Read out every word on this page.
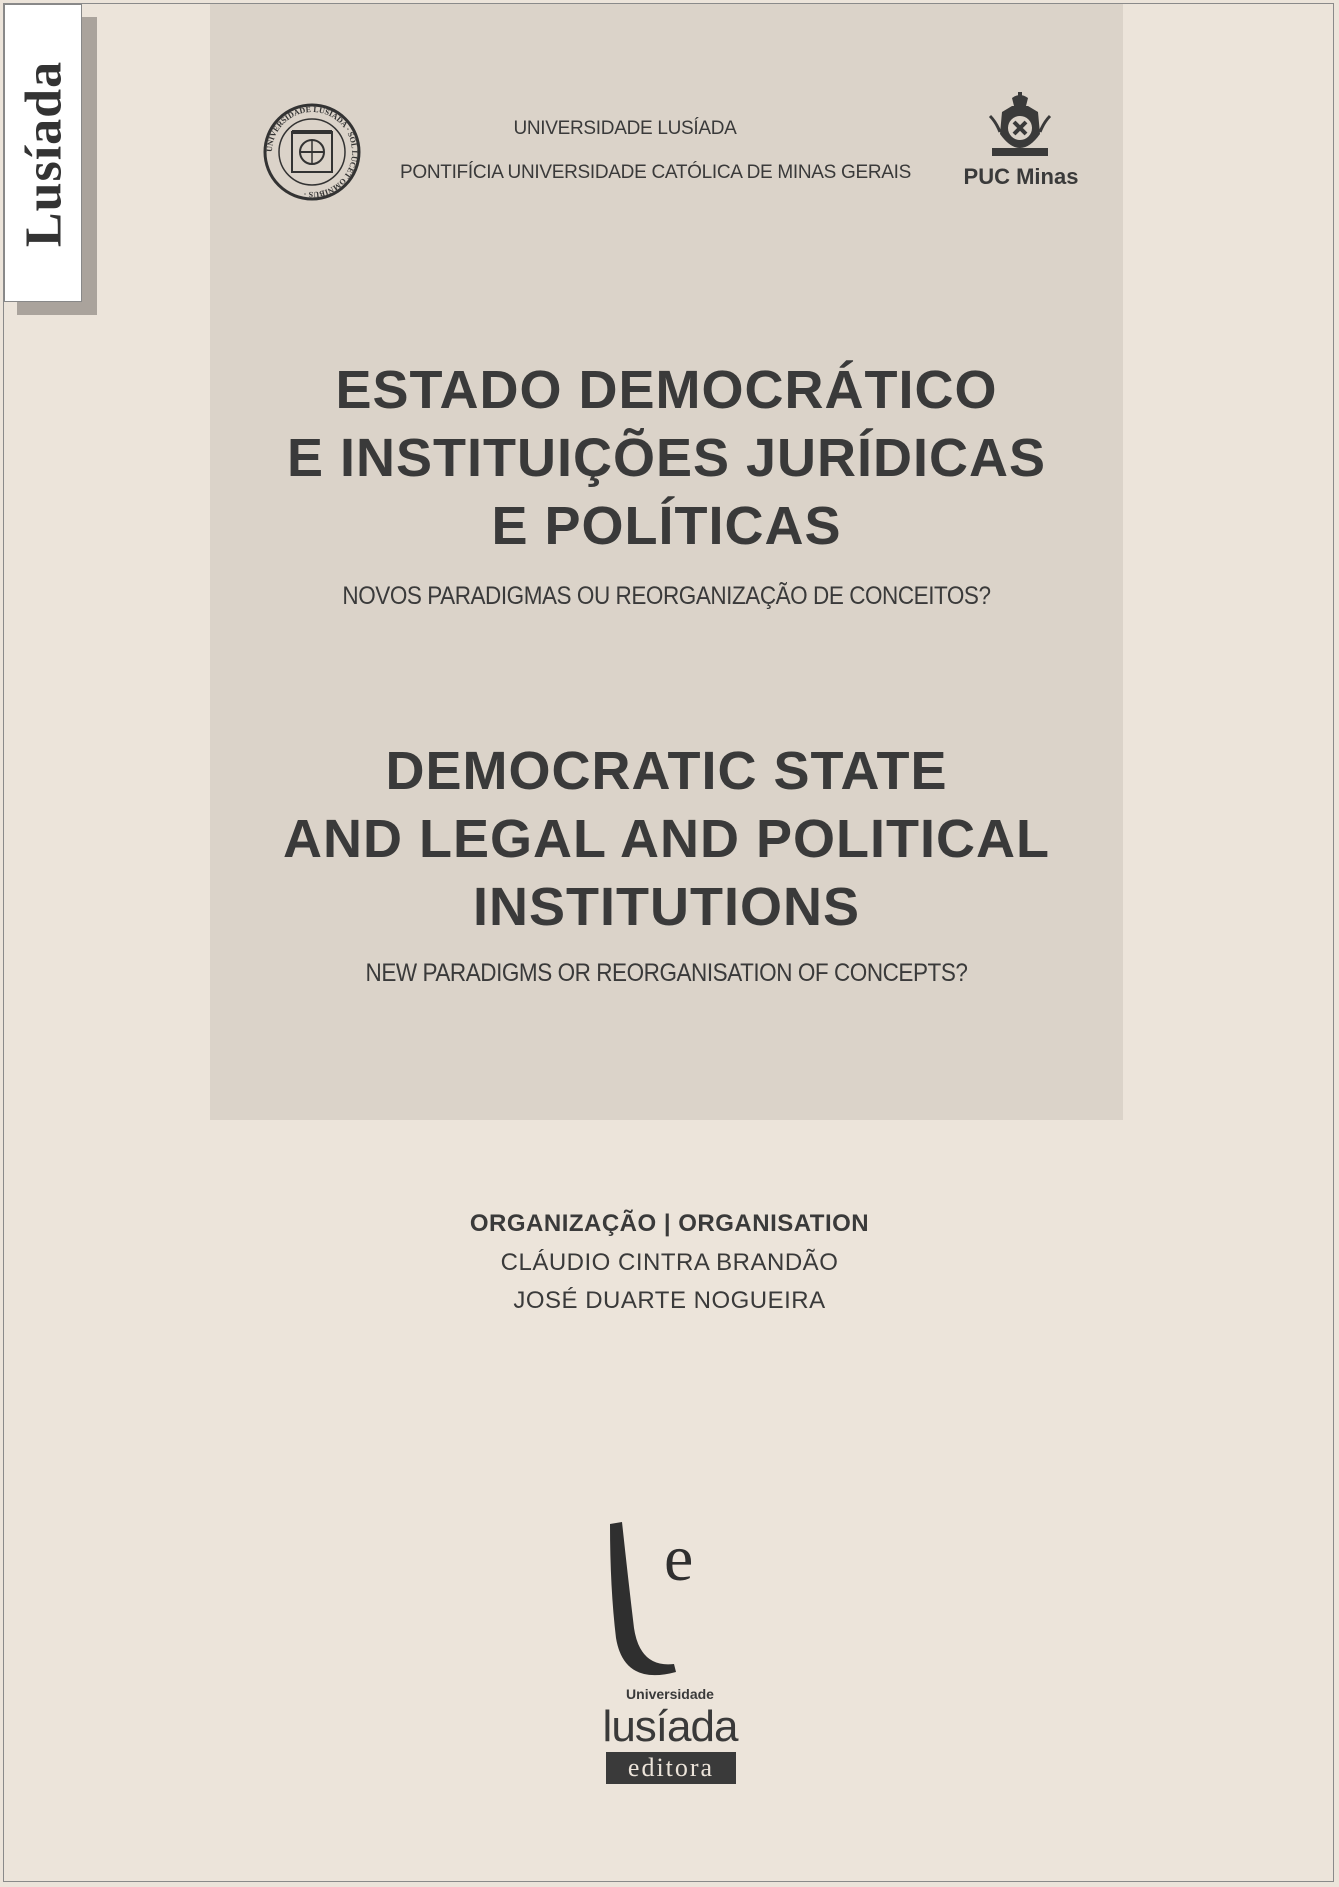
Lusíada	UNIVERSIDADE LUSÍADA · SOL LUCET OMNIBUS ·
UNIVERSIDADE LUSÍADA
PONTIFÍCIA UNIVERSIDADE CATÓLICA DE MINAS GERAIS PUC Minas
ESTADO DEMOCRÁTICO
E INSTITUIÇÕES JURÍDICAS
E POLÍTICAS
NOVOS PARADIGMAS OU REORGANIZAÇÃO DE CONCEITOS?
DEMOCRATIC STATE
AND LEGAL AND POLITICAL
INSTITUTIONS
NEW PARADIGMS OR REORGANISATION OF CONCEPTS?
ORGANIZAÇÃO | ORGANISATION
CLÁUDIO CINTRA BRANDÃO
JOSÉ DUARTE NOGUEIRA
e
Universidade
lusíada
editora
